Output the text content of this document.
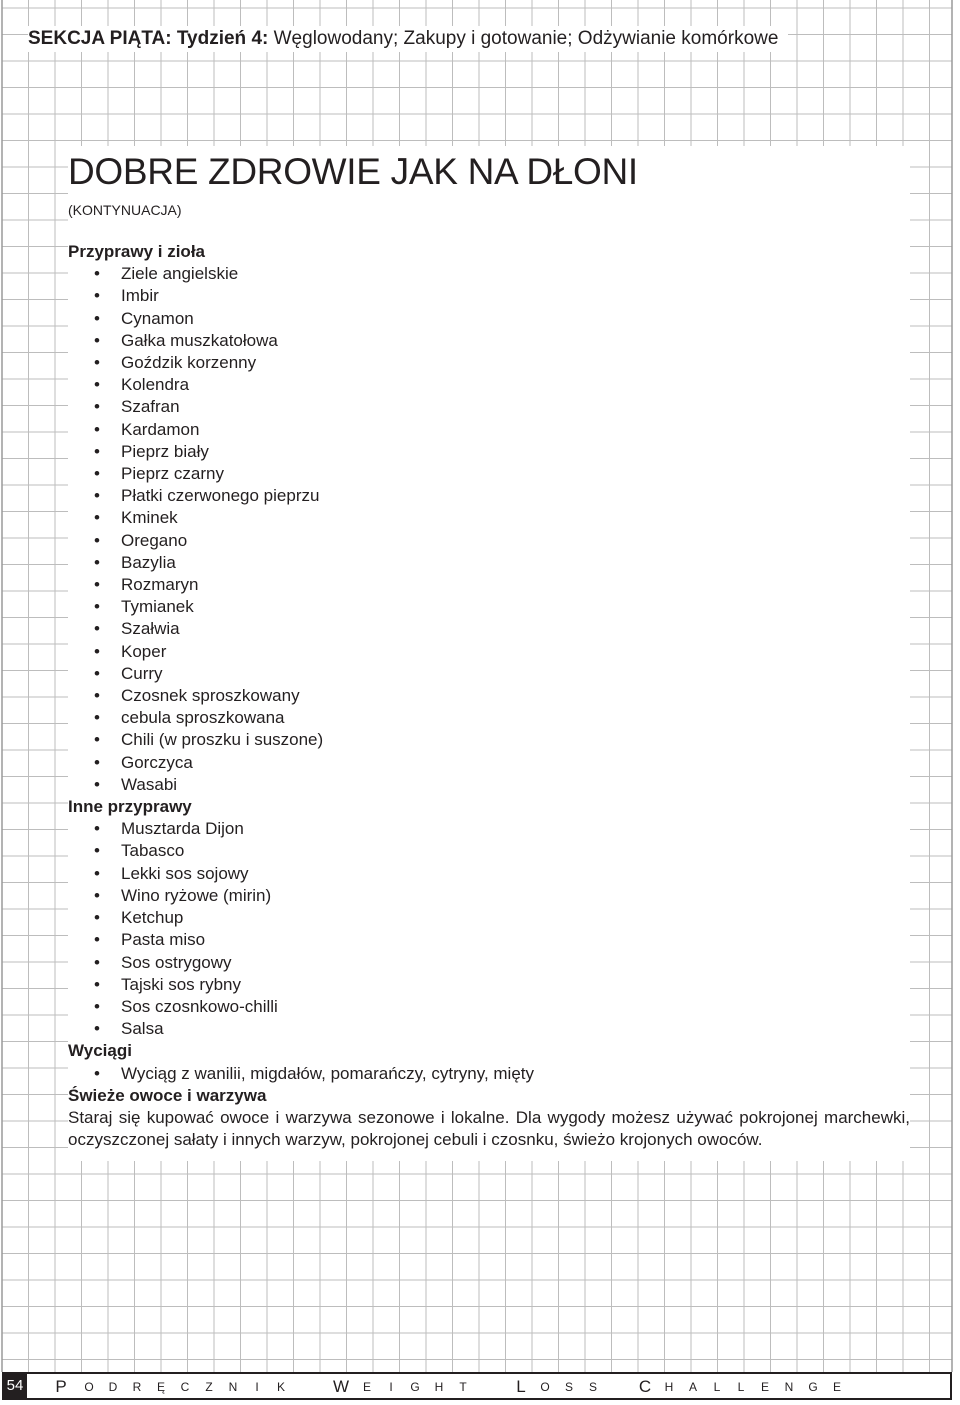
SEKCJA PIĄTA: Tydzień 4: Węglowodany; Zakupy i gotowanie; Odżywianie komórkowe
DOBRE ZDROWIE JAK NA DŁONI
(KONTYNUACJA)
Przyprawy i zioła
• Ziele angielskie
• Imbir
• Cynamon
• Gałka muszkatołowa
• Goździk korzenny
• Kolendra
• Szafran
• Kardamon
• Pieprz biały
• Pieprz czarny
• Płatki czerwonego pieprzu
• Kminek
• Oregano
• Bazylia
• Rozmaryn
• Tymianek
• Szałwia
• Koper
• Curry
• Czosnek sproszkowany
• cebula sproszkowana
• Chili (w proszku i suszone)
• Gorczyca
• Wasabi
Inne przyprawy
• Musztarda Dijon
• Tabasco
• Lekki sos sojowy
• Wino ryżowe (mirin)
• Ketchup
• Pasta miso
• Sos ostrygowy
• Tajski sos rybny
• Sos czosnkowo-chilli
• Salsa
Wyciągi
• Wyciąg z wanilii, migdałów, pomarańczy, cytryny, mięty
Świeże owoce i warzywa

Staraj się kupować owoce i warzywa sezonowe i lokalne. Dla wygody możesz używać pokrojonej marchewki, oczyszczonej sałaty i innych warzyw, pokrojonej cebuli i czosnku, świeżo krojonych owoców.

54	P	O	D	R	Ę	C	Z	N	I	K	W	E	I	G	H	T	L	O	S	S	C	H	A	L	L	E	N	G	E
